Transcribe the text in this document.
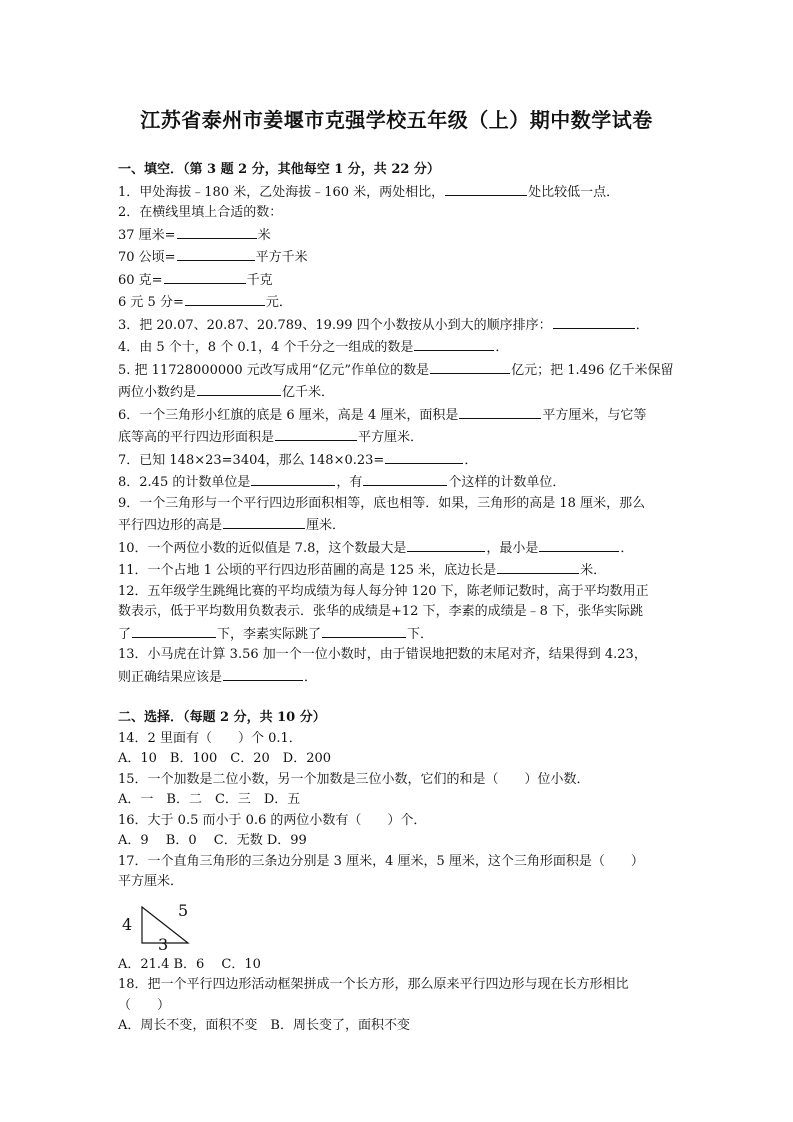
江苏省泰州市姜堰市克强学校五年级（上）期中数学试卷
一、填空．（第 3 题 2 分，其他每空 1 分，共 22 分）
1．甲处海拔﹣180 米，乙处海拔﹣160 米，两处相比，	处比较低一点．
2．在横线里填上合适的数：
37 厘米=	米
70 公顷=	平方千米
60 克=	千克
6 元 5 分=	元．
3．把 20.07、20.87、20.789、19.99 四个小数按从小到大的顺序排序：	．
4．由 5 个十，8 个 0.1，4 个千分之一组成的数是	．
5. 把 11728000000 元改写成用“亿元”作单位的数是	亿元；把 1.496 亿千米保留
两位小数约是	亿千米．
6．一个三角形小红旗的底是 6 厘米，高是 4 厘米，面积是	平方厘米，与它等
底等高的平行四边形面积是	平方厘米．
7．已知 148×23=3404，那么 148×0.23=	．
8．2.45 的计数单位是	，有	个这样的计数单位．
9．一个三角形与一个平行四边形面积相等，底也相等．如果，三角形的高是 18 厘米，那么
平行四边形的高是	厘米．
10．一个两位小数的近似值是 7.8，这个数最大是	，最小是	．
11．一个占地 1 公顷的平行四边形苗圃的高是 125 米，底边长是	米．
12．五年级学生跳绳比赛的平均成绩为每人每分钟 120 下，陈老师记数时，高于平均数用正
数表示，低于平均数用负数表示．张华的成绩是+12 下，李素的成绩是﹣8 下，张华实际跳
了	下，李素实际跳了	下．
13．小马虎在计算 3.56 加一个一位小数时，由于错误地把数的末尾对齐，结果得到 4.23，
则正确结果应该是	．
二、选择．（每题 2 分，共 10 分）
14．2 里面有（　　）个 0.1．
A．10　B．100　C．20　D．200
15．一个加数是二位小数，另一个加数是三位小数，它们的和是（　　）位小数．
A．一　B．二　C．三　D．五
16．大于 0.5 而小于 0.6 的两位小数有（　　）个．
A．9　 B．0　 C．无数 D．99
17．一个直角三角形的三条边分别是 3 厘米，4 厘米，5 厘米，这个三角形面积是（　　）
平方厘米．
4
5
3
A．21.4 B．6　 C．10
18．把一个平行四边形活动框架拼成一个长方形，那么原来平行四边形与现在长方形相比
（　　）
A．周长不变，面积不变　B．周长变了，面积不变
